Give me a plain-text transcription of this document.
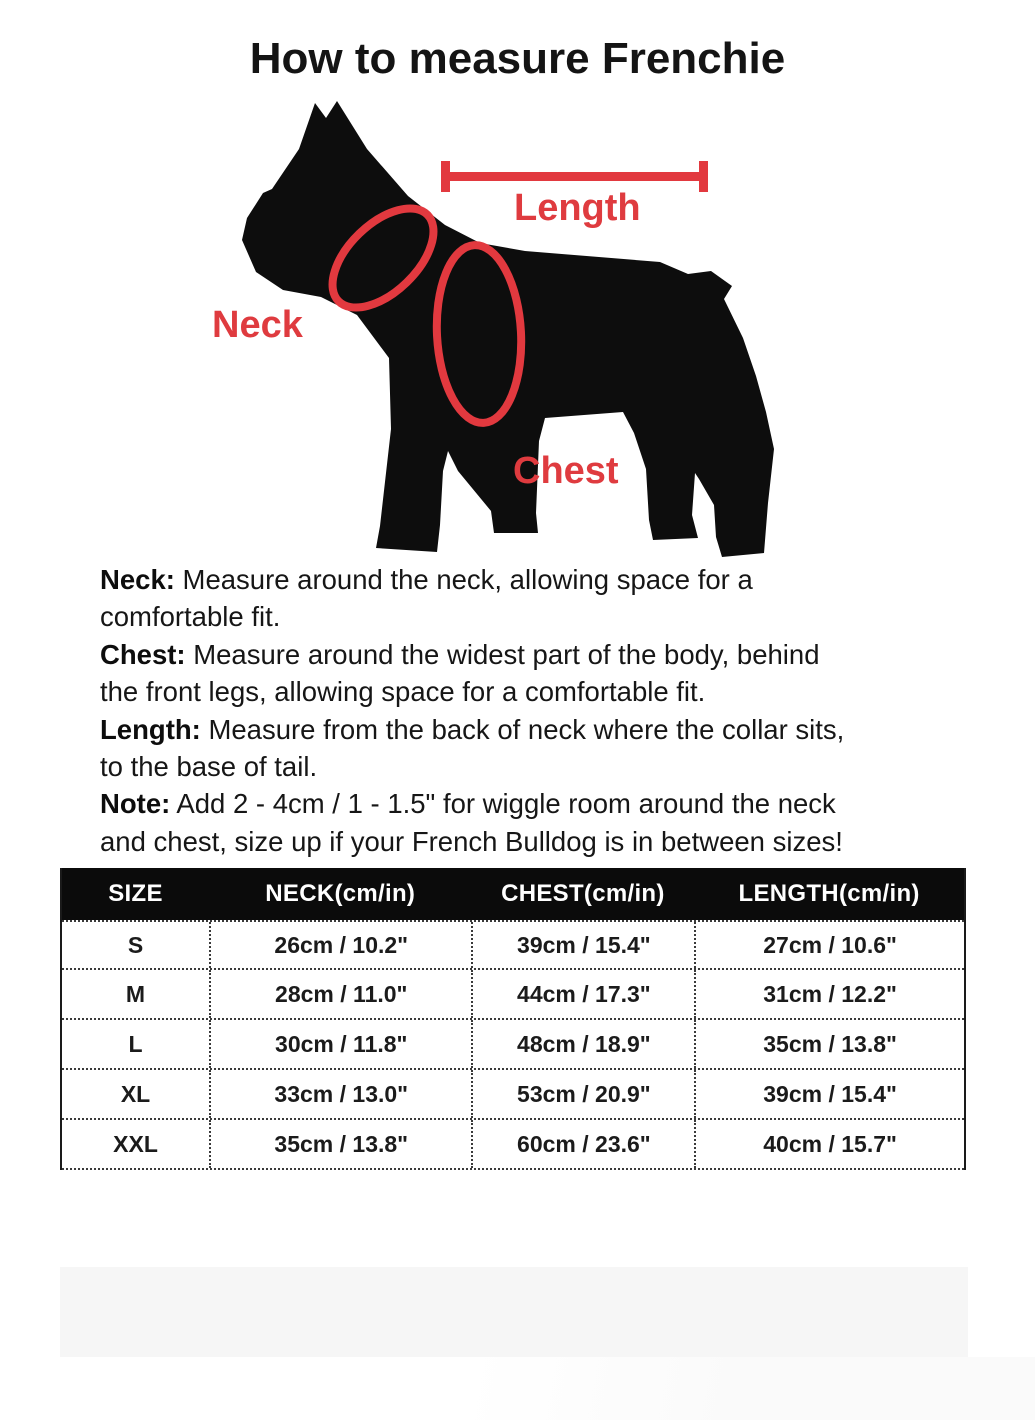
How to measure Frenchie
Length
Neck
Chest
Neck: Measure around the neck, allowing space for a
comfortable fit.
Chest: Measure around the widest part of the body, behind
the front legs, allowing space for a comfortable fit.
Length: Measure from the back of neck where the collar sits,
to the base of tail.
Note: Add 2 - 4cm / 1 - 1.5" for wiggle room around the neck
and chest, size up if your French Bulldog is in between sizes!
SIZE	NECK(cm/in)	CHEST(cm/in)	LENGTH(cm/in)
S	26cm / 10.2"	39cm / 15.4"	27cm / 10.6"
M	28cm / 11.0"	44cm / 17.3"	31cm / 12.2"
L	30cm / 11.8"	48cm / 18.9"	35cm / 13.8"
XL	33cm / 13.0"	53cm / 20.9"	39cm / 15.4"
XXL	35cm / 13.8"	60cm / 23.6"	40cm / 15.7"
